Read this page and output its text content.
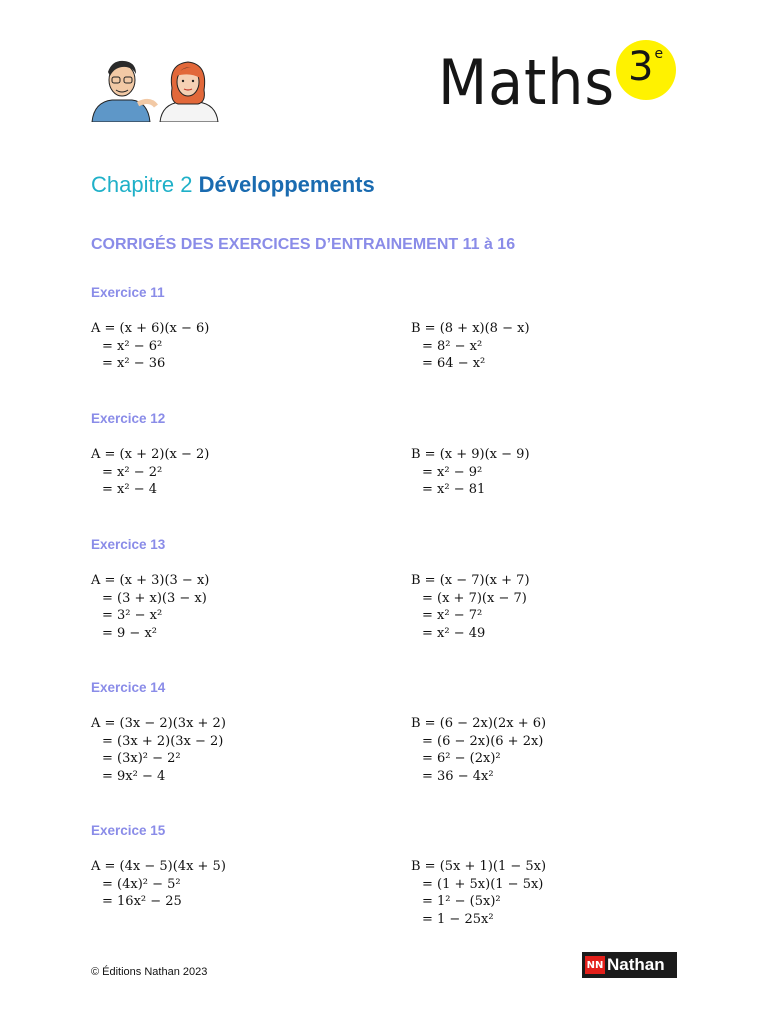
Maths 3e
Chapitre 2 Développements
CORRIGÉS DES EXERCICES D’ENTRAINEMENT 11 à 16
Exercice 11
A = (x + 6)(x − 6)
= x² − 6²
= x² − 36
B = (8 + x)(8 − x)
= 8² − x²
= 64 − x²
Exercice 12
A = (x + 2)(x − 2)
= x² − 2²
= x² − 4
B = (x + 9)(x − 9)
= x² − 9²
= x² − 81
Exercice 13
A = (x + 3)(3 − x)
= (3 + x)(3 − x)
= 3² − x²
= 9 − x²
B = (x − 7)(x + 7)
= (x + 7)(x − 7)
= x² − 7²
= x² − 49
Exercice 14
A = (3x − 2)(3x + 2)
= (3x + 2)(3x − 2)
= (3x)² − 2²
= 9x² − 4
B = (6 − 2x)(2x + 6)
= (6 − 2x)(6 + 2x)
= 6² − (2x)²
= 36 − 4x²
Exercice 15
A = (4x − 5)(4x + 5)
= (4x)² − 5²
= 16x² − 25
B = (5x + 1)(1 − 5x)
= (1 + 5x)(1 − 5x)
= 1² − (5x)²
= 1 − 25x²
© Éditions Nathan 2023
NN Nathan
